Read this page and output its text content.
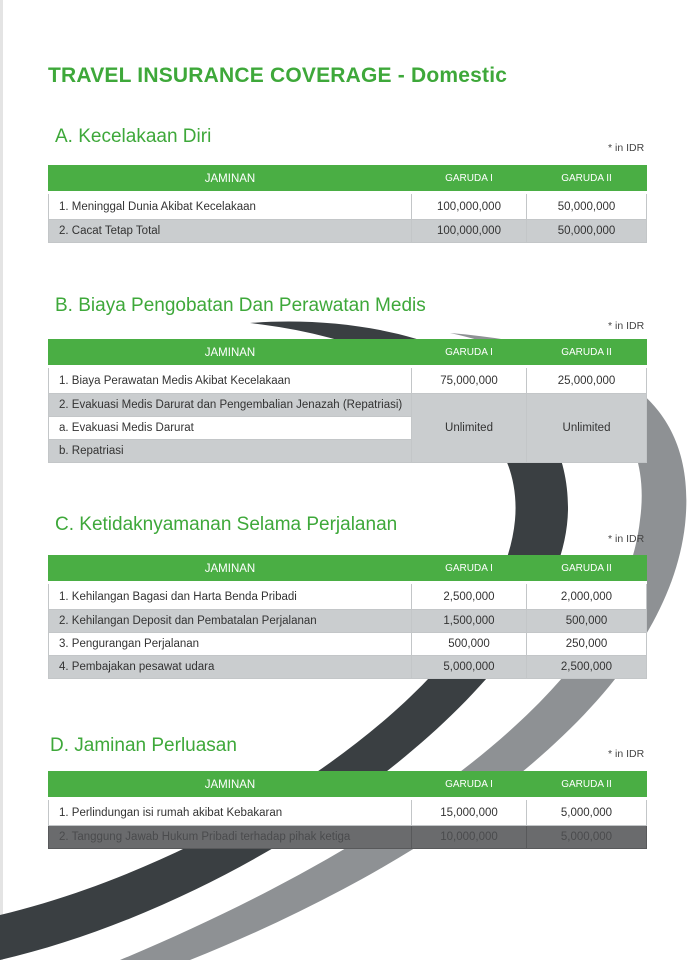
TRAVEL INSURANCE COVERAGE - Domestic
A. Kecelakaan Diri
* in IDR
JAMINAN	GARUDA I	GARUDA II
1. Meninggal Dunia Akibat Kecelakaan	100,000,000	50,000,000
2. Cacat Tetap Total	100,000,000	50,000,000
B. Biaya Pengobatan Dan Perawatan Medis
* in IDR
JAMINAN	GARUDA I	GARUDA II
1. Biaya Perawatan Medis Akibat Kecelakaan	75,000,000	25,000,000
2. Evakuasi Medis Darurat dan Pengembalian Jenazah (Repatriasi)	Unlimited	Unlimited
a. Evakuasi Medis Darurat		
b. Repatriasi		
C. Ketidaknyamanan Selama Perjalanan
* in IDR
JAMINAN	GARUDA I	GARUDA II
1. Kehilangan Bagasi dan Harta Benda Pribadi	2,500,000	2,000,000
2. Kehilangan Deposit dan Pembatalan Perjalanan	1,500,000	500,000
3. Pengurangan Perjalanan	500,000	250,000
4. Pembajakan pesawat udara	5,000,000	2,500,000
D. Jaminan Perluasan	* in IDR
JAMINAN	GARUDA I	GARUDA II
1. Perlindungan isi rumah akibat Kebakaran	15,000,000	5,000,000
2. Tanggung Jawab Hukum Pribadi terhadap pihak ketiga	10,000,000	5,000,000
